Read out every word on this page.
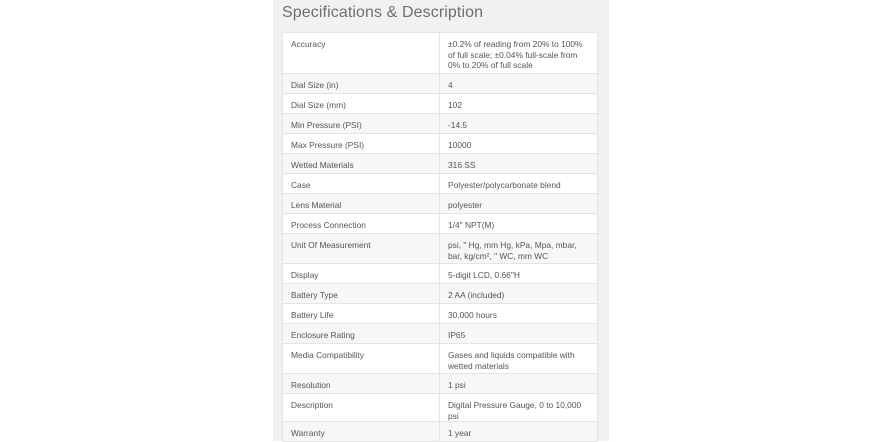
Specifications & Description
Accuracy	±0.2% of reading from 20% to 100% of full scale; ±0.04% full-scale from 0% to 20% of full scale
Dial Size (in)	4
Dial Size (mm)	102
Min Pressure (PSI)	-14.5
Max Pressure (PSI)	10000
Wetted Materials	316 SS
Case	Polyester/polycarbonate blend
Lens Material	polyester
Process Connection	1/4" NPT(M)
Unit Of Measurement	psi, " Hg, mm Hg, kPa, Mpa, mbar, bar, kg/cm², " WC, mm WC
Display	5-digit LCD, 0.66"H
Battery Type	2 AA (included)
Battery Life	30,000 hours
Enclosure Rating	IP65
Media Compatibility	Gases and liquids compatible with wetted materials
Resolution	1 psi
Description	Digital Pressure Gauge, 0 to 10,000 psi
Warranty	1 year
